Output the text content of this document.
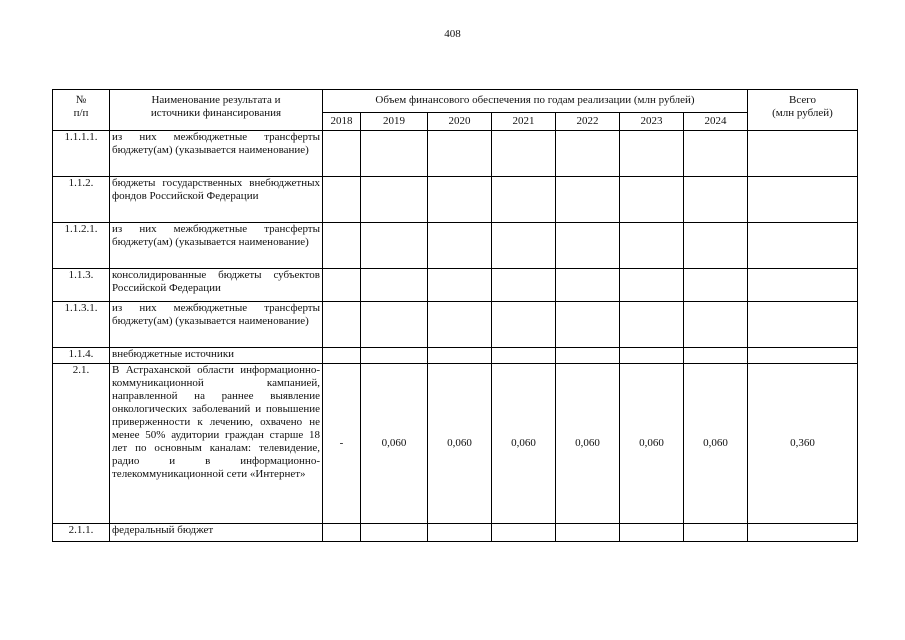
408
№
п/п	Наименование результата и
источники финансирования	Объем финансового обеспечения по годам реализации (млн рублей)							Всего
(млн рублей)
		2018	2019	2020	2021	2022	2023	2024	
1.1.1.1.	из них межбюджетные трансферты бюджету(ам) (указывается наименование)								
1.1.2.	бюджеты государственных внебюджетных фондов Российской Федерации								
1.1.2.1.	из них межбюджетные трансферты бюджету(ам) (указывается наименование)								
1.1.3.	консолидированные бюджеты субъектов Российской Федерации								
1.1.3.1.	из них межбюджетные трансферты бюджету(ам) (указывается наименование)								
1.1.4.	внебюджетные источники								
2.1.	В Астраханской области информационно-коммуникационной кампанией, направленной на раннее выявление онкологических заболеваний и повышение приверженности к лечению, охвачено не менее 50% аудитории граждан старше 18 лет по основным каналам: телевидение, радио и в информационно-телекоммуникационной сети «Интернет»	-	0,060	0,060	0,060	0,060	0,060	0,060	0,360
2.1.1.	федеральный бюджет								
